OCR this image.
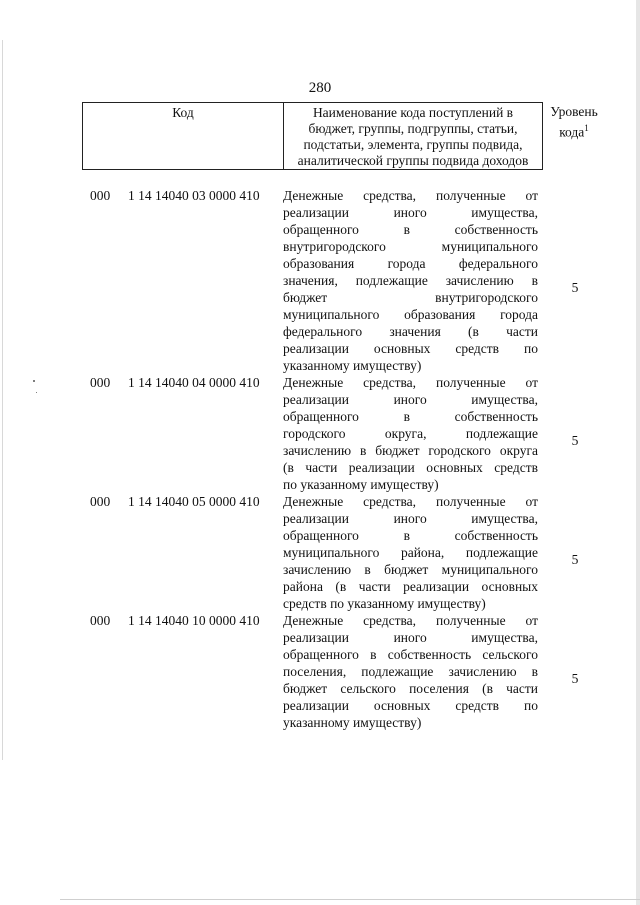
280
Код	Наименование кода поступлений в
бюджет, группы, подгруппы, статьи,
подстатьи, элемента, группы подвида,
аналитической группы подвида доходов
Уровень
кода$^1$
000 1 14 14040 03 0000 410 Денежные средства, полученные от
реализации иного имущества,
обращенного в собственность
внутригородского муниципального
образования города федерального
значения, подлежащие зачислению в
бюджет внутригородского
муниципального образования города
федерального значения (в части
реализации основных средств по
указанному имуществу)
5
000 1 14 14040 04 0000 410 Денежные средства, полученные от
реализации иного имущества,
обращенного в собственность
городского округа, подлежащие
зачислению в бюджет городского округа
(в части реализации основных средств
по указанному имуществу)
5
000 1 14 14040 05 0000 410 Денежные средства, полученные от
реализации иного имущества,
обращенного в собственность
муниципального района, подлежащие
зачислению в бюджет муниципального
района (в части реализации основных
средств по указанному имуществу)
5
000 1 14 14040 10 0000 410 Денежные средства, полученные от
реализации иного имущества,
обращенного в собственность сельского
поселения, подлежащие зачислению в
бюджет сельского поселения (в части
реализации основных средств по
указанному имуществу)
5
